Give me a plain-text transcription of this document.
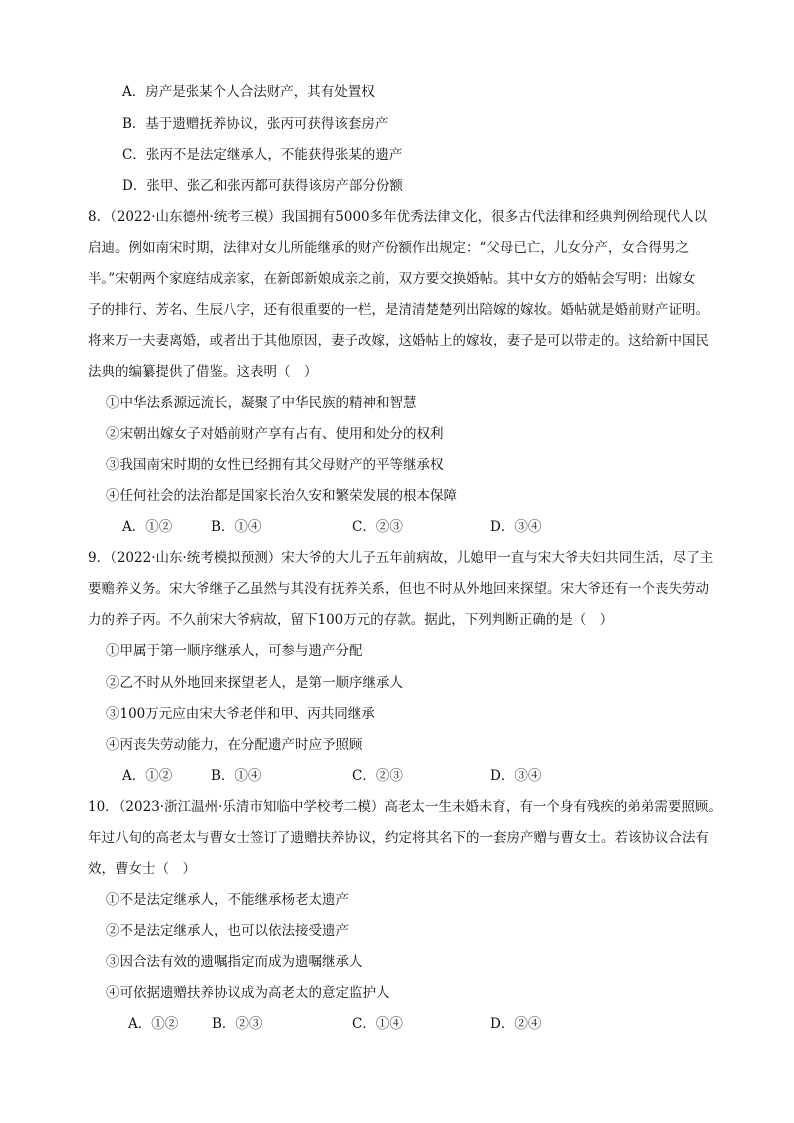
A．房产是张某个人合法财产，其有处置权
B．基于遗赠抚养协议，张丙可获得该套房产
C．张丙不是法定继承人，不能获得张某的遗产
D．张甲、张乙和张丙都可获得该房产部分份额
8．（2022·山东德州·统考三模）我国拥有5000多年优秀法律文化，很多古代法律和经典判例给现代人以
启迪。例如南宋时期，法律对女儿所能继承的财产份额作出规定：“父母已亡，儿女分产，女合得男之
半。”宋朝两个家庭结成亲家，在新郎新娘成亲之前，双方要交换婚帖。其中女方的婚帖会写明：出嫁女
子的排行、芳名、生辰八字，还有很重要的一栏，是清清楚楚列出陪嫁的嫁妆。婚帖就是婚前财产证明。
将来万一夫妻离婚，或者出于其他原因，妻子改嫁，这婚帖上的嫁妆，妻子是可以带走的。这给新中国民
法典的编纂提供了借鉴。这表明（　）
①中华法系源远流长，凝聚了中华民族的精神和智慧
②宋朝出嫁女子对婚前财产享有占有、使用和处分的权利
③我国南宋时期的女性已经拥有其父母财产的平等继承权
④任何社会的法治都是国家长治久安和繁荣发展的根本保障
A．①②	B．①④	C．②③	D．③④
9．（2022·山东·统考模拟预测）宋大爷的大儿子五年前病故，儿媳甲一直与宋大爷夫妇共同生活，尽了主
要赡养义务。宋大爷继子乙虽然与其没有抚养关系，但也不时从外地回来探望。宋大爷还有一个丧失劳动
力的养子丙。不久前宋大爷病故，留下100万元的存款。据此，下列判断正确的是（　）
①甲属于第一顺序继承人，可参与遗产分配
②乙不时从外地回来探望老人，是第一顺序继承人
③100万元应由宋大爷老伴和甲、丙共同继承
④丙丧失劳动能力，在分配遗产时应予照顾
A．①②	B．①④	C．②③	D．③④
10．（2023·浙江温州·乐清市知临中学校考二模）高老太一生未婚未育，有一个身有残疾的弟弟需要照顾。
年过八旬的高老太与曹女士签订了遗赠扶养协议，约定将其名下的一套房产赠与曹女士。若该协议合法有
效，曹女士（　）
①不是法定继承人，不能继承杨老太遗产
②不是法定继承人，也可以依法接受遗产
③因合法有效的遗嘱指定而成为遗嘱继承人
④可依据遗赠扶养协议成为高老太的意定监护人
A．①②	B．②③	C．①④	D．②④
